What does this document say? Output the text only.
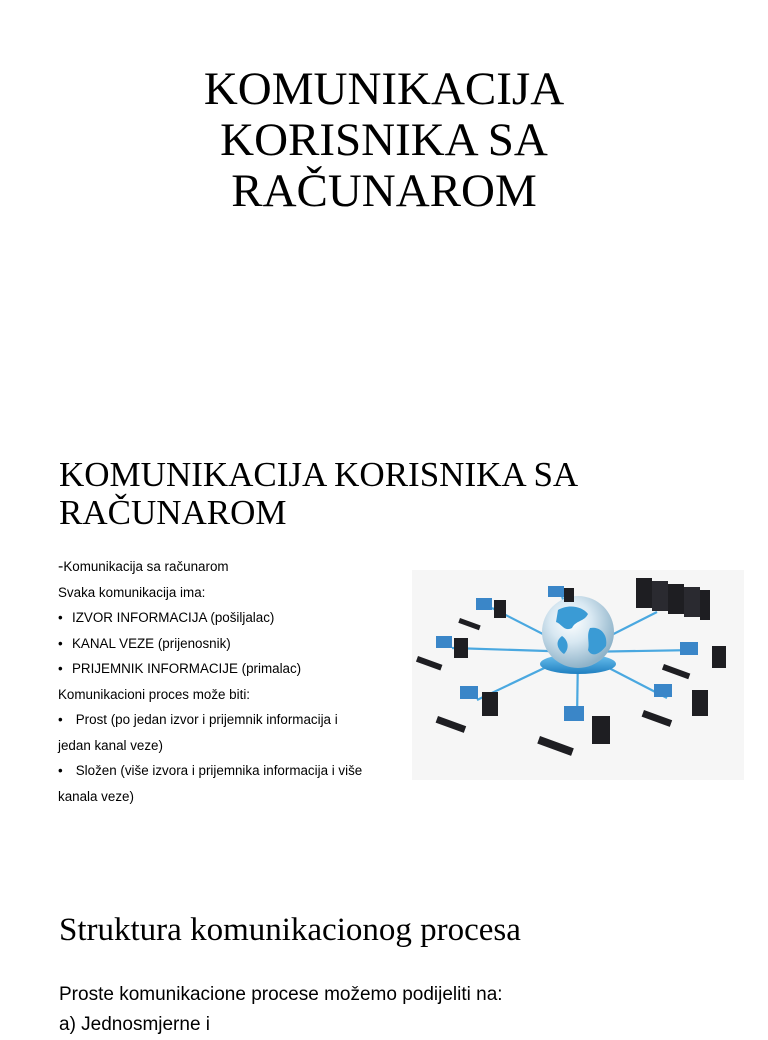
KOMUNIKACIJA
KORISNIKA SA
RAČUNAROM
KOMUNIKACIJA KORISNIKA SA
RAČUNAROM
-Komunikacija sa računarom
Svaka komunikacija ima:
• IZVOR INFORMACIJA (pošiljalac)
• KANAL VEZE (prijenosnik)
• PRIJEMNIK INFORMACIJE (primalac)
Komunikacioni proces može biti:
• Prost (po jedan izvor i prijemnik informacija i
jedan kanal veze)
• Složen (više izvora i prijemnika informacija i više
kanala veze)
Struktura komunikacionog procesa
Proste komunikacione procese možemo podijeliti na:
a) Jednosmjerne i
